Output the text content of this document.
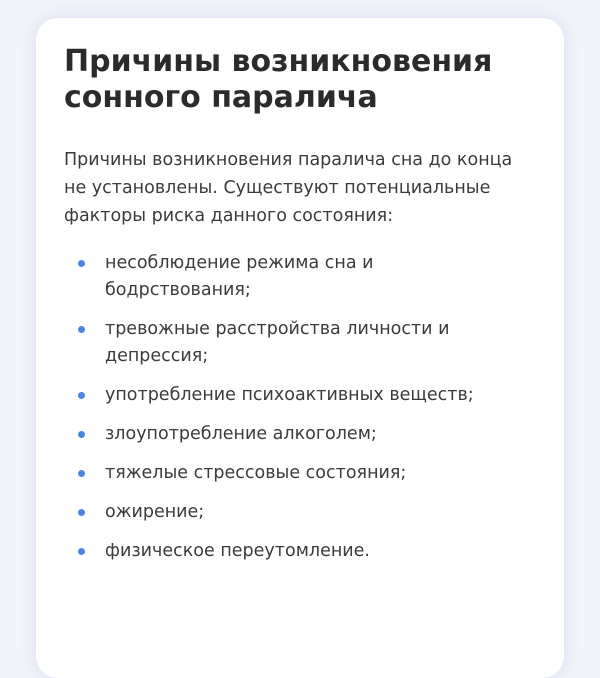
Причины возникновения сонного паралича

Причины возникновения паралича сна до конца не установлены. Существуют потенциальные факторы риска данного состояния:

несоблюдение режима сна и бодрствования;
тревожные расстройства личности и депрессия;
употребление психоактивных веществ;
злоупотребление алкоголем;
тяжелые стрессовые состояния;
ожирение;
физическое переутомление.
